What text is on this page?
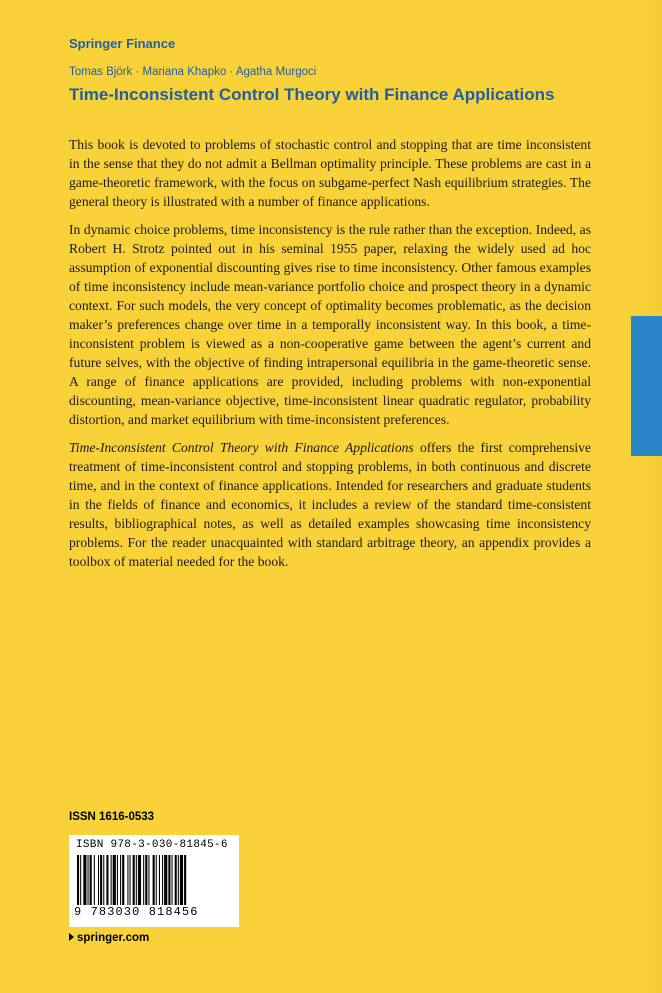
Springer Finance
Tomas Björk · Mariana Khapko · Agatha Murgoci
Time-Inconsistent Control Theory with Finance Applications

This book is devoted to problems of stochastic control and stopping that are time inconsistent in the sense that they do not admit a Bellman optimality principle. These problems are cast in a game-theoretic framework, with the focus on subgame-perfect Nash equilibrium strategies. The general theory is illustrated with a number of finance applications.

In dynamic choice problems, time inconsistency is the rule rather than the exception. Indeed, as Robert H. Strotz pointed out in his seminal 1955 paper, relaxing the widely used ad hoc assumption of exponential discounting gives rise to time inconsistency. Other famous examples of time inconsistency include mean-variance portfolio choice and prospect theory in a dynamic context. For such models, the very concept of optimality becomes problematic, as the decision maker’s preferences change over time in a temporally inconsistent way. In this book, a time-inconsistent problem is viewed as a non-cooperative game between the agent’s current and future selves, with the objective of finding intrapersonal equilibria in the game-theoretic sense. A range of finance applications are provided, including problems with non-exponential discounting, mean-variance objective, time-inconsistent linear quadratic regulator, probability distortion, and market equilibrium with time-inconsistent preferences.

Time-Inconsistent Control Theory with Finance Applications offers the first comprehensive treatment of time-inconsistent control and stopping problems, in both continuous and discrete time, and in the context of finance applications. Intended for researchers and graduate students in the fields of finance and economics, it includes a review of the standard time-consistent results, bibliographical notes, as well as detailed examples showcasing time inconsistency problems. For the reader unacquainted with standard arbitrage theory, an appendix provides a toolbox of material needed for the book.

ISSN 1616-0533
ISBN 978-3-030-81845-6
9 783030 818456
springer.com
